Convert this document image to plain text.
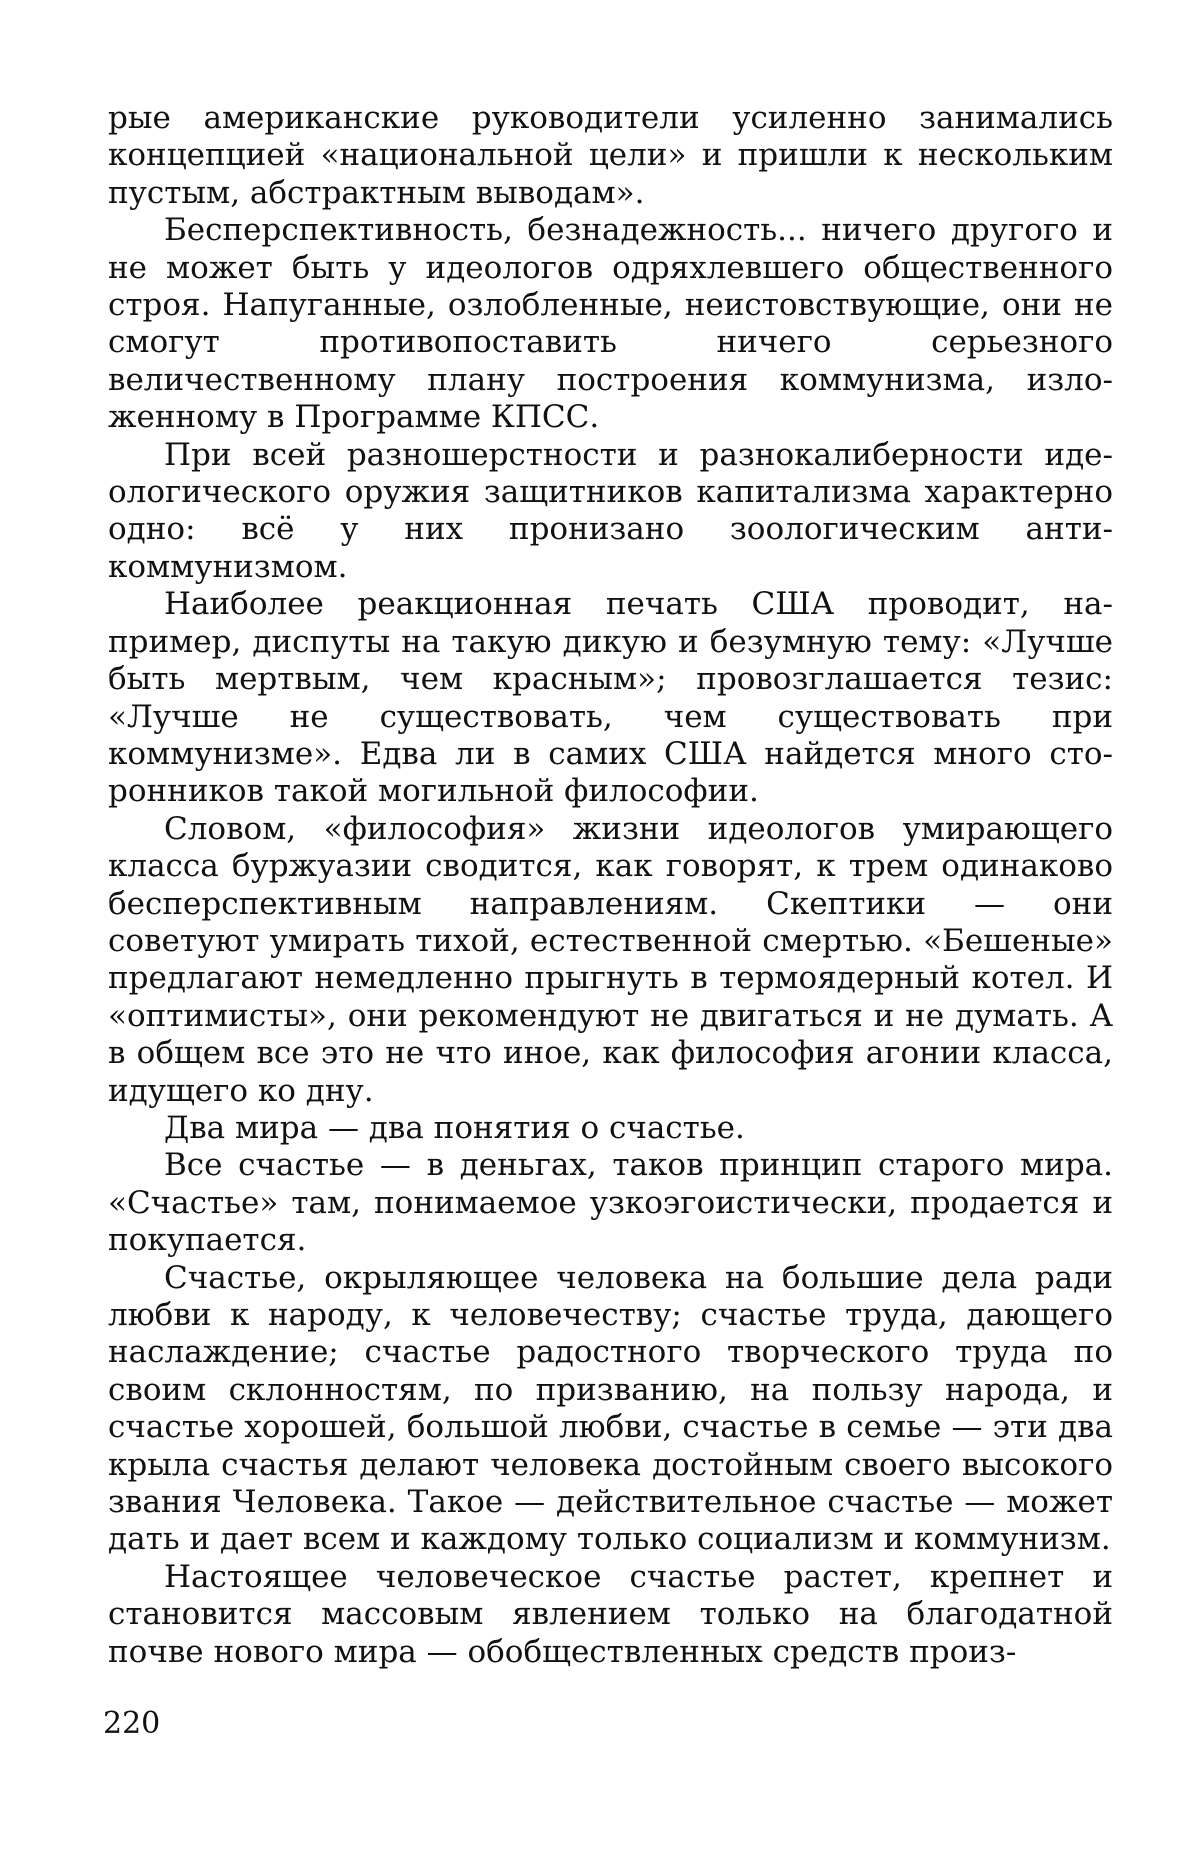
рые американские руководители усиленно занимались концепцией «национальной цели» и пришли к нескольким пустым, абстрактным выводам».

Бесперспективность, безнадежность... ничего другого и не может быть у идеологов одряхлевшего общественного строя. Напуганные, озлобленные, неистовствующие, они не смогут противопоставить ничего серьезного величественному плану построения коммунизма, изложенному в Программе КПСС.

При всей разношерстности и разнокалиберности идеологического оружия защитников капитализма характерно одно: всё у них пронизано зоологическим антикоммунизмом.

Наиболее реакционная печать США проводит, например, диспуты на такую дикую и безумную тему: «Лучше быть мертвым, чем красным»; провозглашается тезис: «Лучше не существовать, чем существовать при коммунизме». Едва ли в самих США найдется много сторонников такой могильной философии.

Словом, «философия» жизни идеологов умирающего класса буржуазии сводится, как говорят, к трем одинаково бесперспективным направлениям. Скептики — они советуют умирать тихой, естественной смертью. «Бешеные» предлагают немедленно прыгнуть в термоядерный котел. И «оптимисты», они рекомендуют не двигаться и не думать. А в общем все это не что иное, как философия агонии класса, идущего ко дну.

Два мира — два понятия о счастье.

Все счастье — в деньгах, таков принцип старого мира. «Счастье» там, понимаемое узкоэгоистически, продается и покупается.

Счастье, окрыляющее человека на большие дела ради любви к народу, к человечеству; счастье труда, дающего наслаждение; счастье радостного творческого труда по своим склонностям, по призванию, на пользу народа, и счастье хорошей, большой любви, счастье в семье — эти два крыла счастья делают человека достойным своего высокого звания Человека. Такое — действительное счастье — может дать и дает всем и каждому только социализм и коммунизм.

Настоящее человеческое счастье растет, крепнет и становится массовым явлением только на благодатной почве нового мира — обобществленных средств произ-

220
